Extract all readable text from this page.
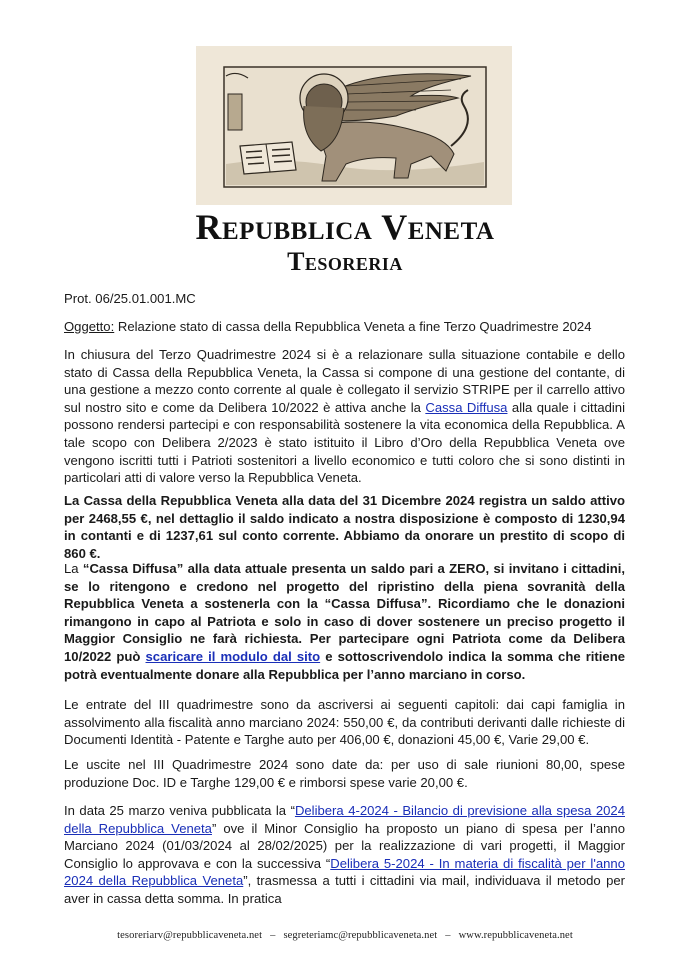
Repubblica Veneta
Tesoreria
Prot. 06/25.01.001.MC
Oggetto: Relazione stato di cassa della Repubblica Veneta a fine Terzo Quadrimestre 2024

In chiusura del Terzo Quadrimestre 2024 si è a relazionare sulla situazione contabile e dello stato di Cassa della Repubblica Veneta, la Cassa si compone di una gestione del contante, di una gestione a mezzo conto corrente al quale è collegato il servizio STRIPE per il carrello attivo sul nostro sito e come da Delibera 10/2022 è attiva anche la Cassa Diffusa alla quale i cittadini possono rendersi partecipi e con responsabilità sostenere la vita economica della Repubblica. A tale scopo con Delibera 2/2023 è stato istituito il Libro d’Oro della Repubblica Veneta ove vengono iscritti tutti i Patrioti sostenitori a livello economico e tutti coloro che si sono distinti in particolari atti di valore verso la Repubblica Veneta.

La Cassa della Repubblica Veneta alla data del 31 Dicembre 2024 registra un saldo attivo per 2468,55 €, nel dettaglio il saldo indicato a nostra disposizione è composto di 1230,94 in contanti e di 1237,61 sul conto corrente. Abbiamo da onorare un prestito di scopo di 860 €.

La “Cassa Diffusa” alla data attuale presenta un saldo pari a ZERO, si invitano i cittadini, se lo ritengono e credono nel progetto del ripristino della piena sovranità della Repubblica Veneta a sostenerla con la “Cassa Diffusa”. Ricordiamo che le donazioni rimangono in capo al Patriota e solo in caso di dover sostenere un preciso progetto il Maggior Consiglio ne farà richiesta. Per partecipare ogni Patriota come da Delibera 10/2022 può scaricare il modulo dal sito e sottoscrivendolo indica la somma che ritiene potrà eventualmente donare alla Repubblica per l’anno marciano in corso.

Le entrate del III quadrimestre sono da ascriversi ai seguenti capitoli: dai capi famiglia in assolvimento alla fiscalità anno marciano 2024: 550,00 €, da contributi derivanti dalle richieste di Documenti Identità - Patente e Targhe auto per 406,00 €, donazioni 45,00 €, Varie 29,00 €.

Le uscite nel III Quadrimestre 2024 sono date da: per uso di sale riunioni 80,00, spese produzione Doc. ID e Targhe 129,00 € e rimborsi spese varie 20,00 €.

In data 25 marzo veniva pubblicata la “Delibera 4-2024 - Bilancio di previsione alla spesa 2024 della Repubblica Veneta” ove il Minor Consiglio ha proposto un piano di spesa per l’anno Marciano 2024 (01/03/2024 al 28/02/2025) per la realizzazione di vari progetti, il Maggior Consiglio lo approvava e con la successiva “Delibera 5-2024 - In materia di fiscalità per l'anno 2024 della Repubblica Veneta”, trasmessa a tutti i cittadini via mail, individuava il metodo per aver in cassa detta somma. In pratica

tesoreriarv@repubblicaveneta.net – segreteriamc@repubblicaveneta.net – www.repubblicaveneta.net
